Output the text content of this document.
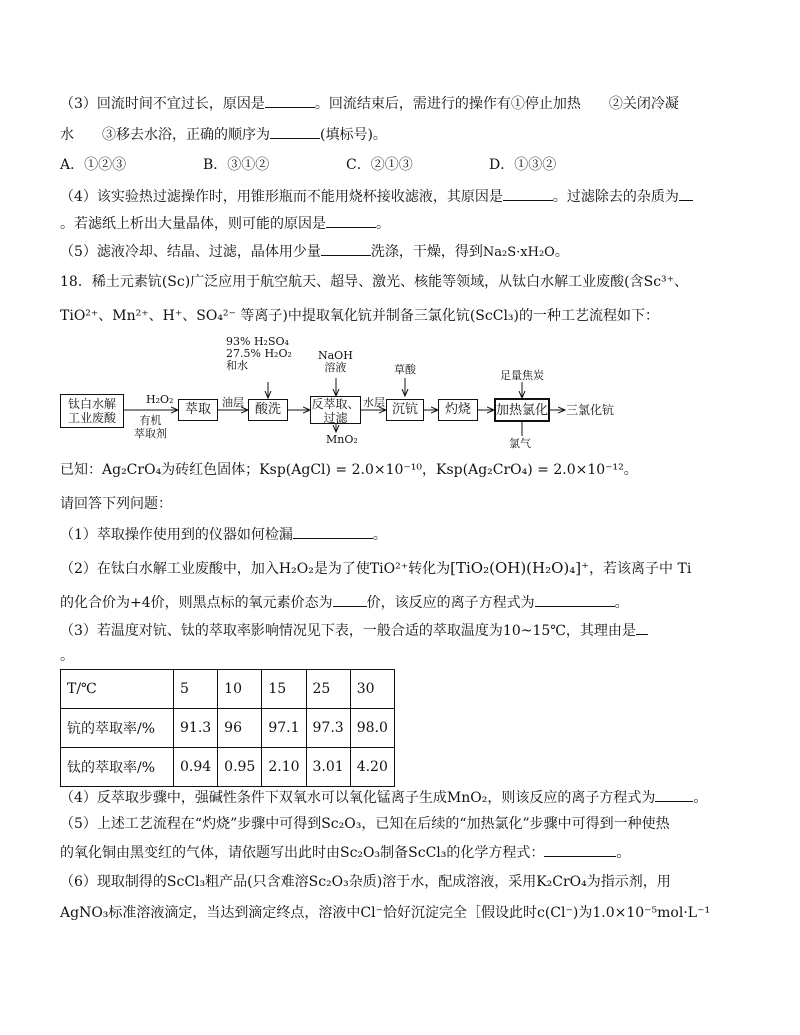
（3）回流时间不宜过长，原因是	。回流结束后，需进行的操作有①停止加热　　②关闭冷凝
水　　③移去水浴，正确的顺序为	(填标号)。
A．①②③	B．③①②	C．②①③	D．①③②
（4）该实验热过滤操作时，用锥形瓶而不能用烧杯接收滤液，其原因是	。过滤除去的杂质为
。若滤纸上析出大量晶体，则可能的原因是	。
（5）滤液冷却、结晶、过滤，晶体用少量	洗涤，干燥，得到Na₂S·xH₂O。
18．稀土元素钪(Sc)广泛应用于航空航天、超导、激光、核能等领域，从钛白水解工业废酸(含Sc³⁺、
TiO²⁺、Mn²⁺、H⁺、SO₄²⁻ 等离子)中提取氧化钪并制备三氯化钪(ScCl₃)的一种工艺流程如下：
钛白水解
工业废酸
H₂O₂
有机
萃取剂
萃取	油层
93% H₂SO₄
27.5% H₂O₂
和水
酸洗
NaOH
溶液
反萃取、
过滤
MnO₂
水层
草酸
沉钪	灼烧
足量焦炭
加热氯化
氯气
三氯化钪
已知：Ag₂CrO₄为砖红色固体；Ksp(AgCl) = 2.0×10⁻¹⁰，Ksp(Ag₂CrO₄) = 2.0×10⁻¹²。
请回答下列问题：
（1）萃取操作使用到的仪器如何检漏	。
（2）在钛白水解工业废酸中，加入H₂O₂是为了使TiO²⁺转化为[TiO₂(OH)(H₂O)₄]⁺，若该离子中 Ti
的化合价为+4价，则黑点标的氧元素价态为 价，该反应的离子方程式为	。
（3）若温度对钪、钛的萃取率影响情况见下表，一般合适的萃取温度为10~15℃，其理由是
。
T/℃	5	10	15	25	30
钪的萃取率/%	91.3	96	97.1	97.3	98.0
钛的萃取率/%	0.94	0.95	2.10	3.01	4.20
（4）反萃取步骤中，强碱性条件下双氧水可以氧化锰离子生成MnO₂，则该反应的离子方程式为	。
（5）上述工艺流程在“灼烧”步骤中可得到Sc₂O₃，已知在后续的“加热氯化”步骤中可得到一种使热
的氧化铜由黑变红的气体，请依题写出此时由Sc₂O₃制备ScCl₃的化学方程式：	。
（6）现取制得的ScCl₃粗产品(只含难溶Sc₂O₃杂质)溶于水，配成溶液，采用K₂CrO₄为指示剂，用
AgNO₃标准溶液滴定，当达到滴定终点，溶液中Cl⁻恰好沉淀完全［假设此时c(Cl⁻)为1.0×10⁻⁵mol·L⁻¹
